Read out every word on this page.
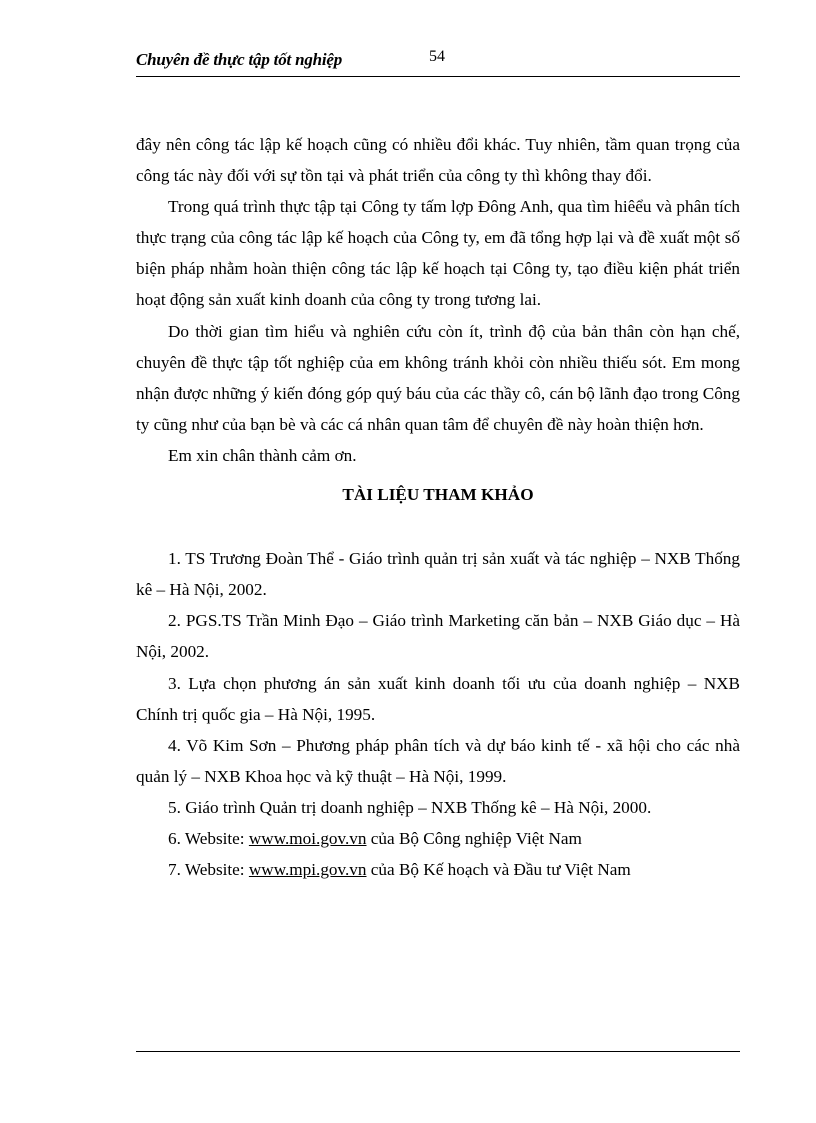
Chuyên đề thực tập tốt nghiệp	54

đây nên công tác lập kế hoạch cũng có nhiều đổi khác. Tuy nhiên, tầm quan trọng của công tác này đối với sự tồn tại và phát triển của công ty thì không thay đổi.

Trong quá trình thực tập tại Công ty tấm lợp Đông Anh, qua tìm hiêểu và phân tích thực trạng của công tác lập kế hoạch của Công ty, em đã tổng hợp lại và đề xuất một số biện pháp nhằm hoàn thiện công tác lập kế hoạch tại Công ty, tạo điều kiện phát triển hoạt động sản xuất kinh doanh của công ty trong tương lai.

Do thời gian tìm hiểu và nghiên cứu còn ít, trình độ của bản thân còn hạn chế, chuyên đề thực tập tốt nghiệp của em không tránh khỏi còn nhiều thiếu sót. Em mong nhận được những ý kiến đóng góp quý báu của các thầy cô, cán bộ lãnh đạo trong Công ty cũng như của bạn bè và các cá nhân quan tâm để chuyên đề này hoàn thiện hơn.

Em xin chân thành cảm ơn.

TÀI LIỆU THAM KHẢO

1. TS Trương Đoàn Thể - Giáo trình quản trị sản xuất và tác nghiệp – NXB Thống kê – Hà Nội, 2002.

2. PGS.TS Trần Minh Đạo – Giáo trình Marketing căn bản – NXB Giáo dục – Hà Nội, 2002.

3. Lựa chọn phương án sản xuất kinh doanh tối ưu của doanh nghiệp – NXB Chính trị quốc gia – Hà Nội, 1995.

4. Võ Kim Sơn – Phương pháp phân tích và dự báo kinh tế - xã hội cho các nhà quản lý – NXB Khoa học và kỹ thuật – Hà Nội, 1999.

5. Giáo trình Quản trị doanh nghiệp – NXB Thống kê – Hà Nội, 2000.

6. Website: www.moi.gov.vn của Bộ Công nghiệp Việt Nam

7. Website: www.mpi.gov.vn của Bộ Kế hoạch và Đầu tư Việt Nam
